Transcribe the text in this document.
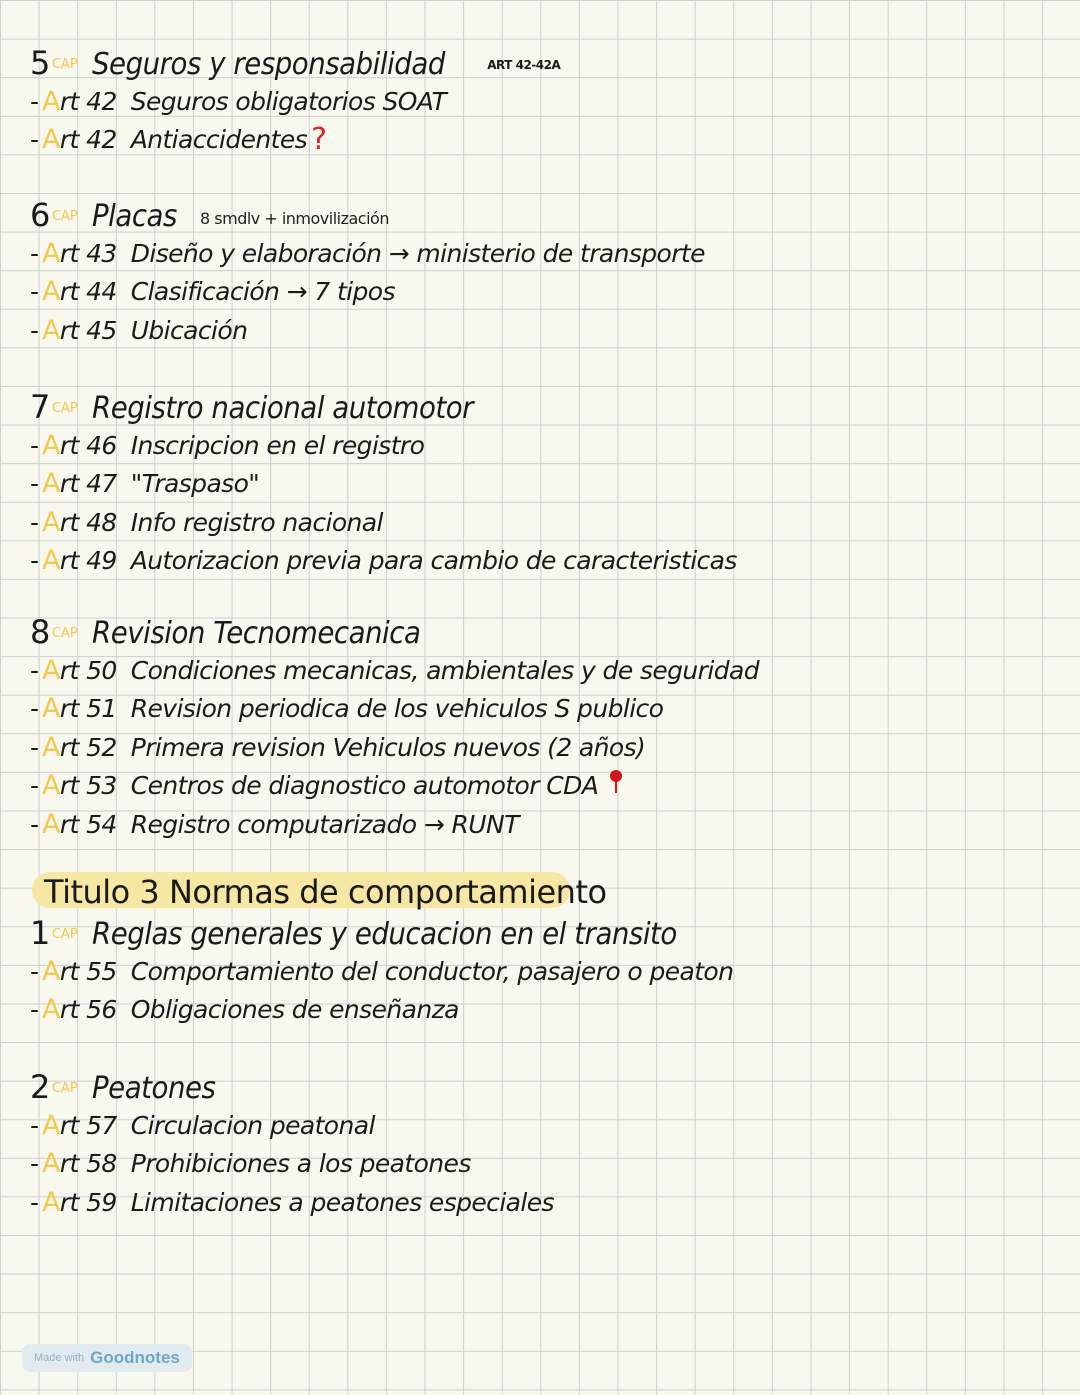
5 CAP Seguros y responsabilidad	ART 42-42A
- Art 42 Seguros obligatorios SOAT
- Art 42 Antiaccidentes ?
6 CAP Placas 8 smdlv + inmovilización
- Art 43 Diseño y elaboración → ministerio de transporte
- Art 44 Clasificación → 7 tipos
- Art 45 Ubicación
7 CAP Registro nacional automotor
- Art 46 Inscripcion en el registro
- Art 47 "Traspaso"
- Art 48 Info registro nacional
- Art 49 Autorizacion previa para cambio de caracteristicas
8 CAP Revision Tecnomecanica
- Art 50 Condiciones mecanicas, ambientales y de seguridad
- Art 51 Revision periodica de los vehiculos S publico
- Art 52 Primera revision Vehiculos nuevos (2 años)
- Art 53 Centros de diagnostico automotor CDA
- Art 54 Registro computarizado → RUNT
Titulo 3 Normas de comportamiento
1 CAP Reglas generales y educacion en el transito
- Art 55 Comportamiento del conductor, pasajero o peaton
- Art 56 Obligaciones de enseñanza
2 CAP Peatones
- Art 57 Circulacion peatonal
- Art 58 Prohibiciones a los peatones
- Art 59 Limitaciones a peatones especiales
Made with Goodnotes
